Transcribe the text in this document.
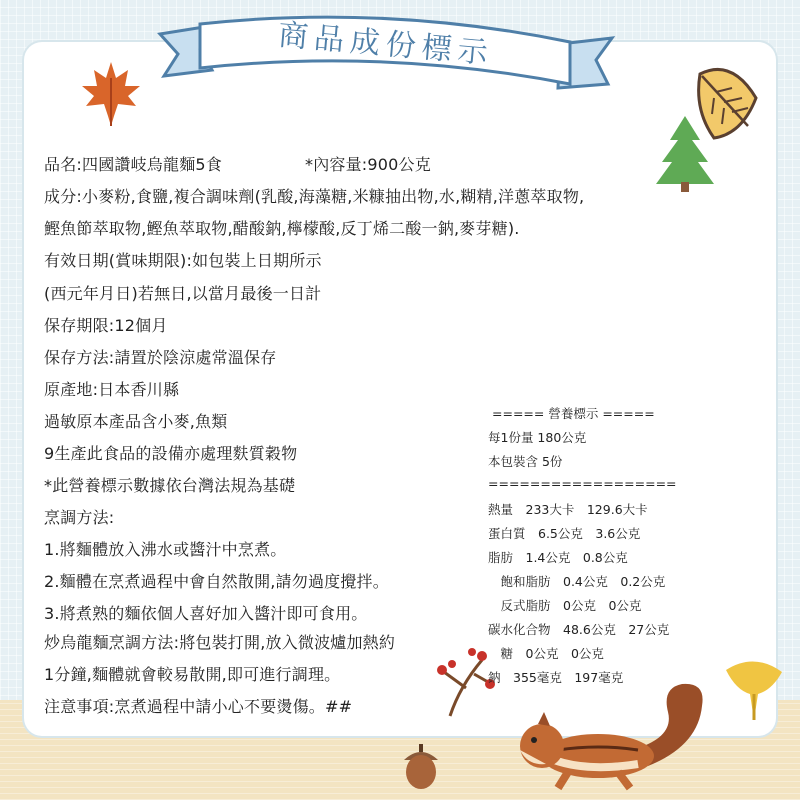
商品成份標示
品名:四國讚岐烏龍麵5食	*內容量:900公克
成分:小麥粉,食鹽,複合調味劑(乳酸,海藻糖,米糠抽出物,水,糊精,洋蔥萃取物,
鰹魚節萃取物,鰹魚萃取物,醋酸鈉,檸檬酸,反丁烯二酸一鈉,麥芽糖).
有效日期(賞味期限):如包裝上日期所示
(西元年月日)若無日,以當月最後一日計
保存期限:12個月
保存方法:請置於陰涼處常溫保存
原產地:日本香川縣
過敏原本產品含小麥,魚類
9生產此食品的設備亦處理麩質穀物
*此營養標示數據依台灣法規為基礎
烹調方法:
1.將麵體放入沸水或醬汁中烹煮。
2.麵體在烹煮過程中會自然散開,請勿過度攪拌。
3.將煮熟的麵依個人喜好加入醬汁即可食用。
炒烏龍麵烹調方法:將包裝打開,放入微波爐加熱約
1分鐘,麵體就會較易散開,即可進行調理。
注意事項:烹煮過程中請小心不要燙傷。##
===== 營養標示 =====
每1份量 180公克
本包裝含 5份
==================
熱量　233大卡　129.6大卡
蛋白質　6.5公克　3.6公克
脂肪　1.4公克　0.8公克
　飽和脂肪　0.4公克　0.2公克
　反式脂肪　0公克　0公克
碳水化合物　48.6公克　27公克
　糖　0公克　0公克
鈉　355毫克　197毫克
